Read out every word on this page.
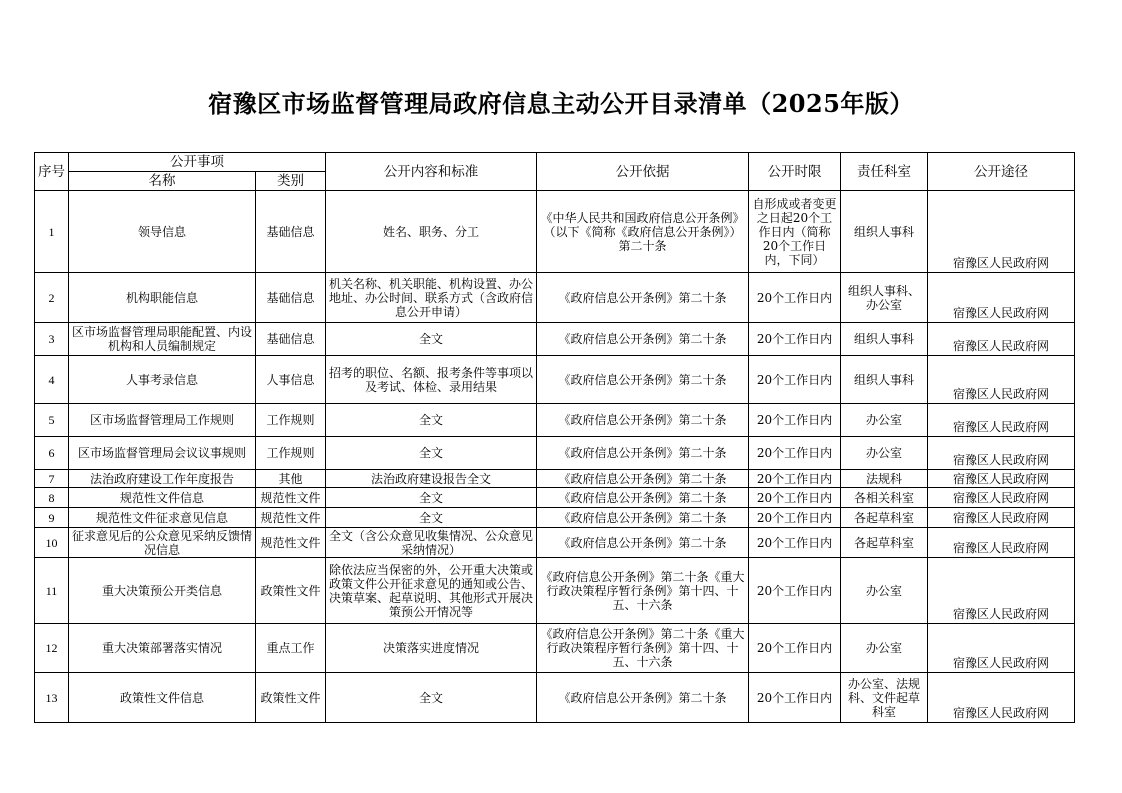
宿豫区市场监督管理局政府信息主动公开目录清单（2025年版）
序号	公开事项		公开内容和标准	公开依据	公开时限	责任科室	公开途径
	名称	类别					
1	领导信息	基础信息	姓名、职务、分工	《中华人民共和国政府信息公开条例》（以下《简称《政府信息公开条例》）第二十条	自形成或者变更之日起20个工作日内（简称20个工作日内，下同）	组织人事科	宿豫区人民政府网
2	机构职能信息	基础信息	机关名称、机关职能、机构设置、办公地址、办公时间、联系方式（含政府信息公开申请）	《政府信息公开条例》第二十条	20个工作日内	组织人事科、办公室	宿豫区人民政府网
3	区市场监督管理局职能配置、内设机构和人员编制规定	基础信息	全文	《政府信息公开条例》第二十条	20个工作日内	组织人事科	宿豫区人民政府网
4	人事考录信息	人事信息	招考的职位、名额、报考条件等事项以及考试、体检、录用结果	《政府信息公开条例》第二十条	20个工作日内	组织人事科	宿豫区人民政府网
5	区市场监督管理局工作规则	工作规则	全文	《政府信息公开条例》第二十条	20个工作日内	办公室	宿豫区人民政府网
6	区市场监督管理局会议议事规则	工作规则	全文	《政府信息公开条例》第二十条	20个工作日内	办公室	宿豫区人民政府网
7	法治政府建设工作年度报告	其他	法治政府建设报告全文	《政府信息公开条例》第二十条	20个工作日内	法规科	宿豫区人民政府网
8	规范性文件信息	规范性文件	全文	《政府信息公开条例》第二十条	20个工作日内	各相关科室	宿豫区人民政府网
9	规范性文件征求意见信息	规范性文件	全文	《政府信息公开条例》第二十条	20个工作日内	各起草科室	宿豫区人民政府网
10	征求意见后的公众意见采纳反馈情况信息	规范性文件	全文（含公众意见收集情况、公众意见采纳情况）	《政府信息公开条例》第二十条	20个工作日内	各起草科室	宿豫区人民政府网
11	重大决策预公开类信息	政策性文件	除依法应当保密的外，公开重大决策或政策文件公开征求意见的通知或公告、决策草案、起草说明、其他形式开展决策预公开情况等	《政府信息公开条例》第二十条《重大行政决策程序暂行条例》第十四、十五、十六条	20个工作日内	办公室	宿豫区人民政府网
12	重大决策部署落实情况	重点工作	决策落实进度情况	《政府信息公开条例》第二十条《重大行政决策程序暂行条例》第十四、十五、十六条	20个工作日内	办公室	宿豫区人民政府网
13	政策性文件信息	政策性文件	全文	《政府信息公开条例》第二十条	20个工作日内	办公室、法规科、文件起草科室	宿豫区人民政府网
